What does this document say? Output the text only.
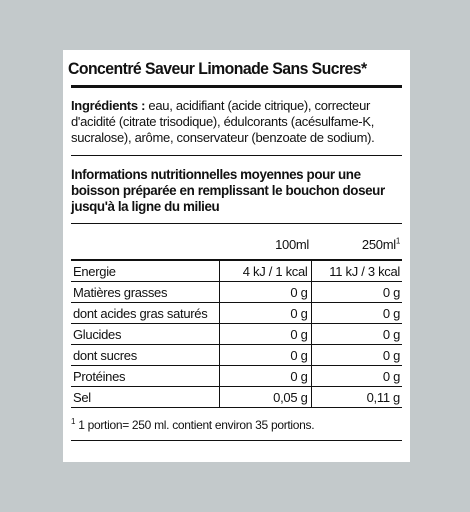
Concentré Saveur Limonade Sans Sucres*
Ingrédients : eau, acidifiant (acide citrique), correcteur d'acidité (citrate trisodique), édulcorants (acésulfame-K, sucralose), arôme, conservateur (benzoate de sodium).
Informations nutritionnelles moyennes pour une boisson préparée en remplissant le bouchon doseur jusqu'à la ligne du milieu
	100ml	$250ml^1$
Energie	4 kJ / 1 kcal	11 kJ / 3 kcal
Matières grasses	0 g	0 g
dont acides gras saturés	0 g	0 g
Glucides	0 g	0 g
dont sucres	0 g	0 g
Protéines	0 g	0 g
Sel	0,05 g	0,11 g
$^1$ 1 portion= 250 ml. contient environ 35 portions.
